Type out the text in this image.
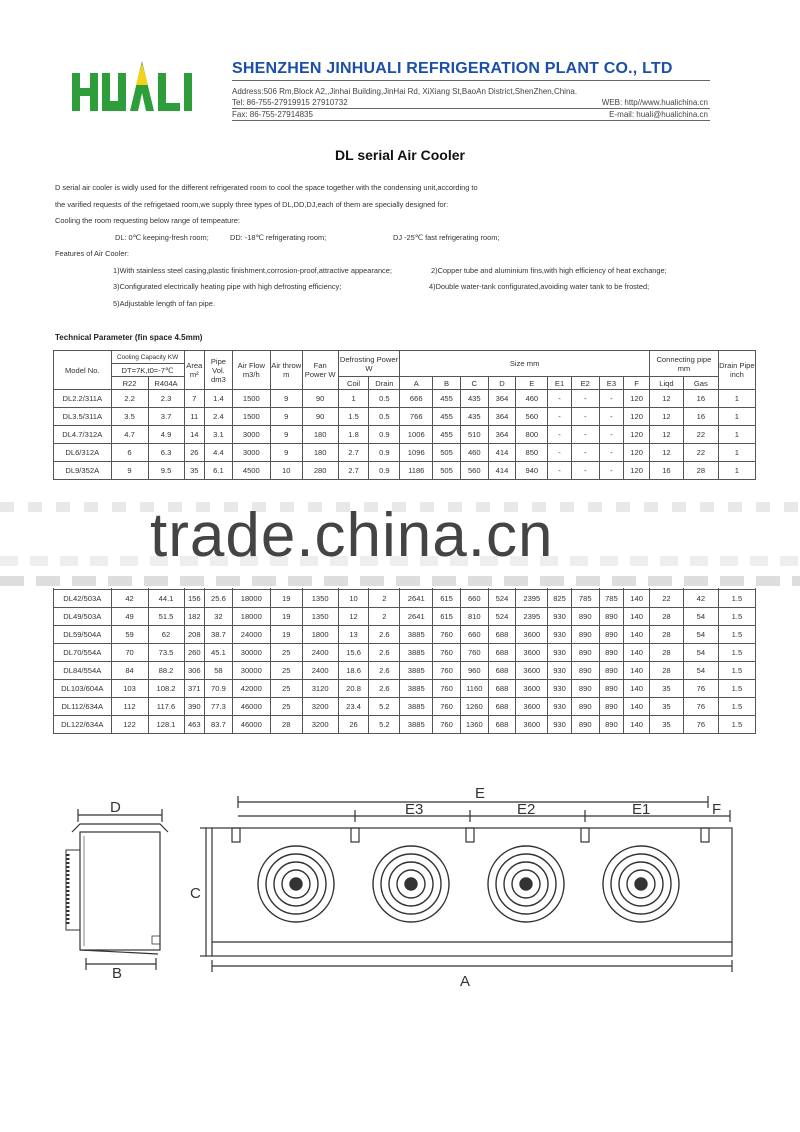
SHENZHEN JINHUALI REFRIGERATION PLANT CO., LTD
Address:506 Rm,Block A2,,Jinhai Building,JinHai Rd, XiXiang St,BaoAn District,ShenZhen,China.
Tel: 86-755-27919915 27910732	WEB: http//www.hualichina.cn
Fax: 86-755-27914835	E-mail: huali@hualichina.cn
DL serial Air Cooler

D serial air cooler is widly used for the different refrigerated room to cool the space together with the condensing unit,according to

the varified requests of the refrigetaed room,we supply three types of DL,DD,DJ,each of them are specially designed for:

Cooling the room requesting below range of tempeature:

DL: 0℃ keeping-fresh room;	DD: -18℃ refrigerating room;	DJ -25℃ fast refrigerating room;

Features of Air Cooler:

1)With stainless steel casing,plastic finishment,corrosion-proof,attractive appearance;	2)Copper tube and aluminium fins,with high efficiency of heat exchange;

3)Configurated electrically heating pipe with high defrosting efficiency;	4)Double water-tank configurated,avoiding water tank to be frosted;

5)Adjustable length of fan pipe.

Technical Parameter (fin space 4.5mm)
Model No.	Cooling Capacity KW		Area m²	Pipe Vol. dm3	Air Flow m3/h	Air throw m	Fan Power W	Defrosting Power W		Size mm									Connecting pipe mm		Drain Pipe inch
	DT=7K,t0=-7℃																				
	R22	R404A						Coil	Drain	A	B	C	D	E	E1	E2	E3	F	Liqd	Gas	
DL2.2/311A	2.2	2.3	7	1.4	1500	9	90	1	0.5	666	455	435	364	460	-	-	-	120	12	16	1
DL3.5/311A	3.5	3.7	11	2.4	1500	9	90	1.5	0.5	766	455	435	364	560	-	-	-	120	12	16	1
DL4.7/312A	4.7	4.9	14	3.1	3000	9	180	1.8	0.9	1006	455	510	364	800	-	-	-	120	12	22	1
DL6/312A	6	6.3	26	4.4	3000	9	180	2.7	0.9	1096	505	460	414	850	-	-	-	120	12	22	1
DL9/352A	9	9.5	35	6.1	4500	10	280	2.7	0.9	1186	505	560	414	940	-	-	-	120	16	28	1

DL42/503A	42	44.1	156	25.6	18000	19	1350	10	2	2641	615	660	524	2395	825	785	785	140	22	42	1.5
DL49/503A	49	51.5	182	32	18000	19	1350	12	2	2641	615	810	524	2395	930	890	890	140	28	54	1.5
DL59/504A	59	62	208	38.7	24000	19	1800	13	2.6	3885	760	660	688	3600	930	890	890	140	28	54	1.5
DL70/554A	70	73.5	260	45.1	30000	25	2400	15.6	2.6	3885	760	760	688	3600	930	890	890	140	28	54	1.5
DL84/554A	84	88.2	306	58	30000	25	2400	18.6	2.6	3885	760	960	688	3600	930	890	890	140	28	54	1.5
DL103/604A	103	108.2	371	70.9	42000	25	3120	20.8	2.6	3885	760	1160	688	3600	930	890	890	140	35	76	1.5
DL112/634A	112	117.6	390	77.3	46000	25	3200	23.4	5.2	3885	760	1260	688	3600	930	890	890	140	35	76	1.5
DL122/634A	122	128.1	463	83.7	46000	28	3200	26	5.2	3885	760	1360	688	3600	930	890	890	140	35	76	1.5
trade.china.cn
D
B
C
A
E
E3	E2	E1	F
